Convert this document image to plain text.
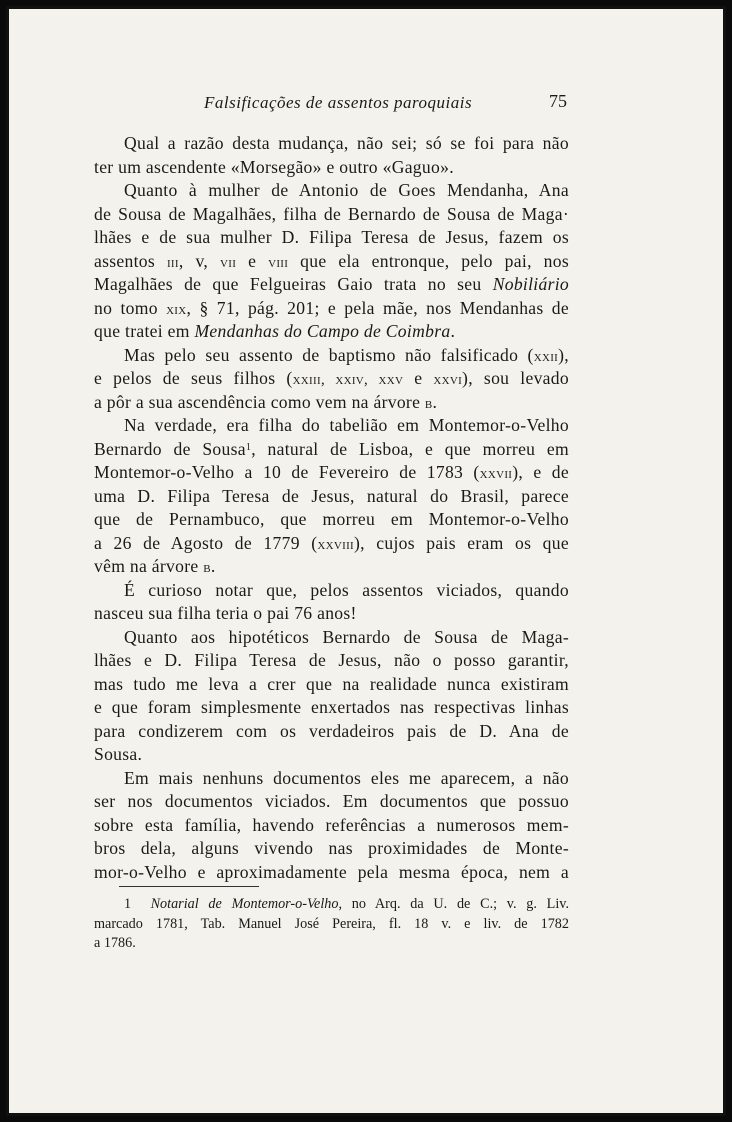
Falsificações de assentos paroquiais	75
Qual a razão desta mudança, não sei; só se foi para não
ter um ascendente «Morsegão» e outro «Gaguo».
Quanto à mulher de Antonio de Goes Mendanha, Ana
de Sousa de Magalhães, filha de Bernardo de Sousa de Maga·
lhães e de sua mulher D. Filipa Teresa de Jesus, fazem os
assentos iii, v, vii e viii que ela entronque, pelo pai, nos
Magalhães de que Felgueiras Gaio trata no seu Nobiliário
no tomo xix, § 71, pág. 201; e pela mãe, nos Mendanhas de
que tratei em Mendanhas do Campo de Coimbra.
Mas pelo seu assento de baptismo não falsificado (xxii),
e pelos de seus filhos (xxiii, xxiv, xxv e xxvi), sou levado
a pôr a sua ascendência como vem na árvore b.
Na verdade, era filha do tabelião em Montemor-o-Velho
Bernardo de Sousa$^1$, natural de Lisboa, e que morreu em
Montemor-o-Velho a 10 de Fevereiro de 1783 (xxvii), e de
uma D. Filipa Teresa de Jesus, natural do Brasil, parece
que de Pernambuco, que morreu em Montemor-o-Velho
a 26 de Agosto de 1779 (xxviii), cujos pais eram os que
vêm na árvore b.
É curioso notar que, pelos assentos viciados, quando
nasceu sua filha teria o pai 76 anos!
Quanto aos hipotéticos Bernardo de Sousa de Maga-
lhães e D. Filipa Teresa de Jesus, não o posso garantir,
mas tudo me leva a crer que na realidade nunca existiram
e que foram simplesmente enxertados nas respectivas linhas
para condizerem com os verdadeiros pais de D. Ana de
Sousa.
Em mais nenhuns documentos eles me aparecem, a não
ser nos documentos viciados. Em documentos que possuo
sobre esta família, havendo referências a numerosos mem-
bros dela, alguns vivendo nas proximidades de Monte-
mor-o-Velho e aproximadamente pela mesma época, nem a
1 Notarial de Montemor-o-Velho, no Arq. da U. de C.; v. g. Liv.
marcado 1781, Tab. Manuel José Pereira, fl. 18 v. e liv. de 1782
a 1786.
